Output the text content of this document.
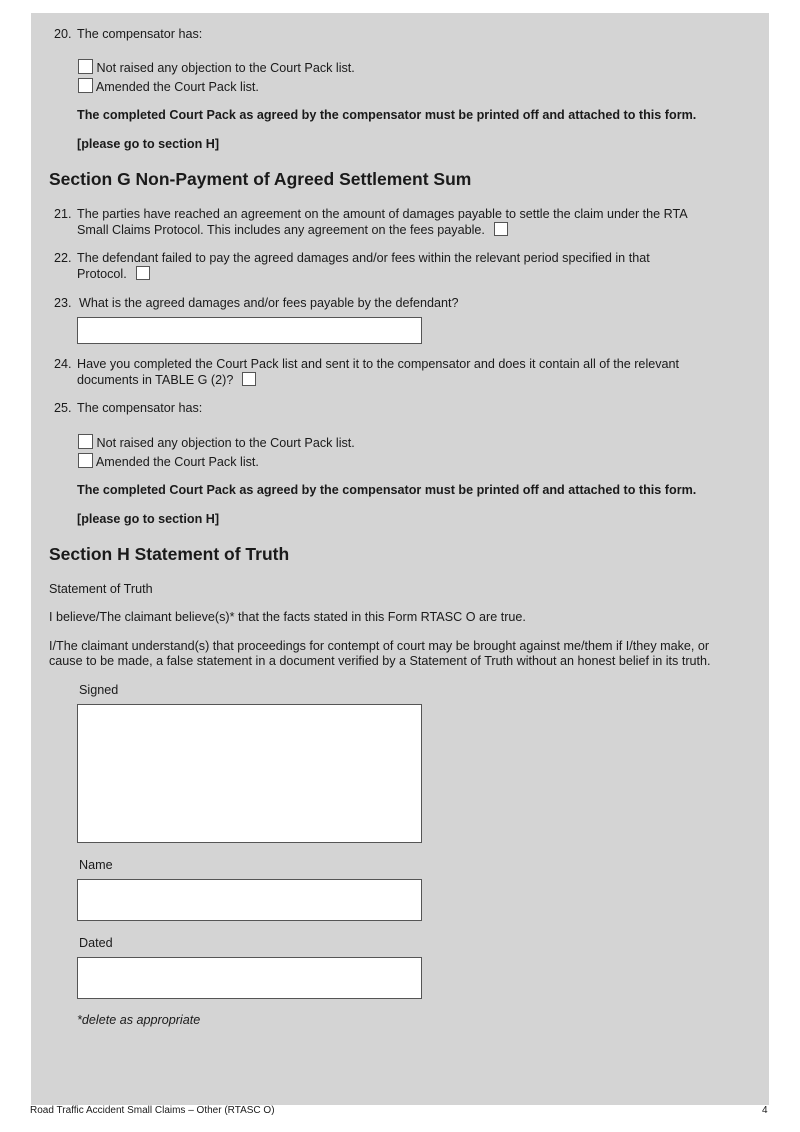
20. The compensator has:
Not raised any objection to the Court Pack list.
Amended the Court Pack list.
The completed Court Pack as agreed by the compensator must be printed off and attached to this form.
[please go to section H]
Section G Non-Payment of Agreed Settlement Sum
21. The parties have reached an agreement on the amount of damages payable to settle the claim under the RTA
Small Claims Protocol. This includes any agreement on the fees payable.
22. The defendant failed to pay the agreed damages and/or fees within the relevant period specified in that
Protocol.
23. What is the agreed damages and/or fees payable by the defendant?
24. Have you completed the Court Pack list and sent it to the compensator and does it contain all of the relevant
documents in TABLE G (2)?
25. The compensator has:
Not raised any objection to the Court Pack list.
Amended the Court Pack list.
The completed Court Pack as agreed by the compensator must be printed off and attached to this form.
[please go to section H]
Section H Statement of Truth
Statement of Truth
I believe/The claimant believe(s)* that the facts stated in this Form RTASC O are true.
I/The claimant understand(s) that proceedings for contempt of court may be brought against me/them if I/they make, or
cause to be made, a false statement in a document verified by a Statement of Truth without an honest belief in its truth.
Signed
Name
Dated
*delete as appropriate
Road Traffic Accident Small Claims – Other (RTASC O)	4
